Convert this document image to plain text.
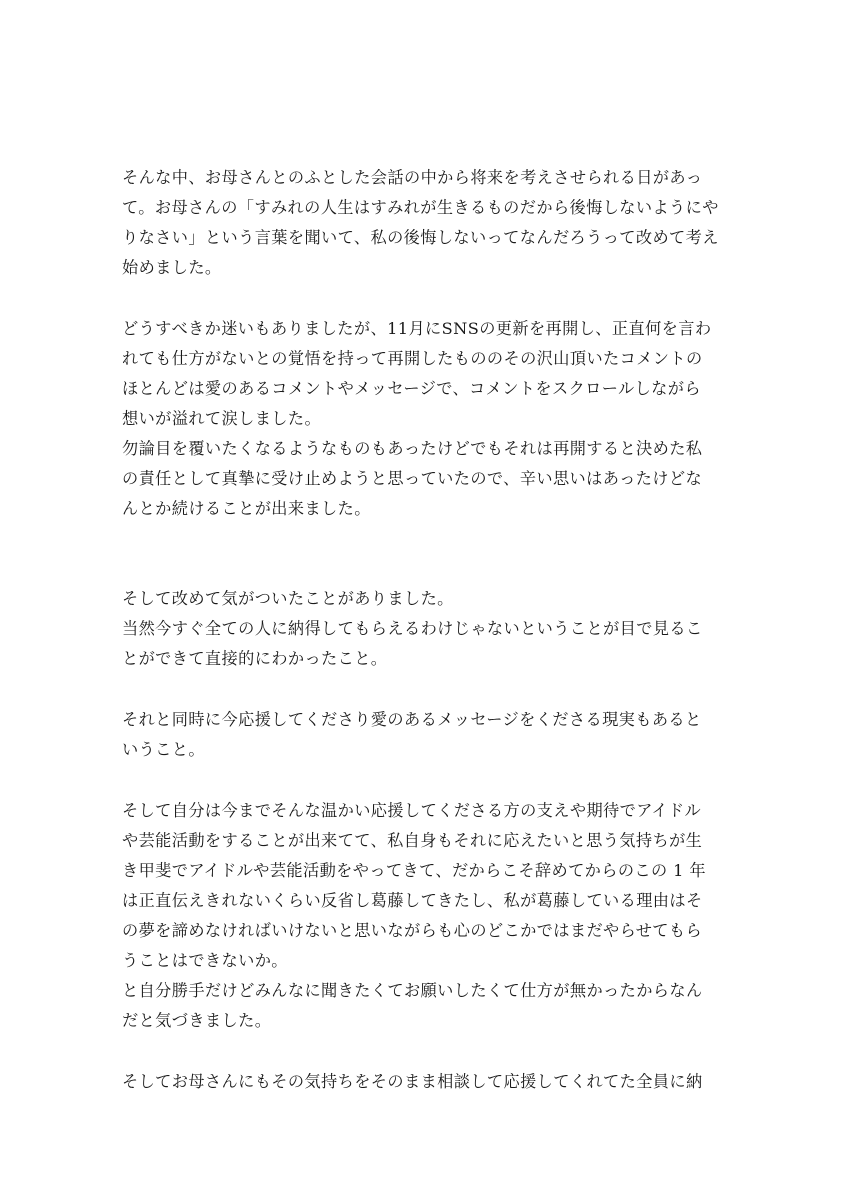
そんな中、お母さんとのふとした会話の中から将来を考えさせられる日があっ
て。お母さんの「すみれの人生はすみれが生きるものだから後悔しないようにや
りなさい」という言葉を聞いて、私の後悔しないってなんだろうって改めて考え
始めました。
どうすべきか迷いもありましたが、11月にSNSの更新を再開し、正直何を言わ
れても仕方がないとの覚悟を持って再開したもののその沢山頂いたコメントの
ほとんどは愛のあるコメントやメッセージで、コメントをスクロールしながら
想いが溢れて涙しました。
勿論目を覆いたくなるようなものもあったけどでもそれは再開すると決めた私
の責任として真摯に受け止めようと思っていたので、辛い思いはあったけどな
んとか続けることが出来ました。
そして改めて気がついたことがありました。
当然今すぐ全ての人に納得してもらえるわけじゃないということが目で見るこ
とができて直接的にわかったこと。
それと同時に今応援してくださり愛のあるメッセージをくださる現実もあると
いうこと。
そして自分は今までそんな温かい応援してくださる方の支えや期待でアイドル
や芸能活動をすることが出来てて、私自身もそれに応えたいと思う気持ちが生
き甲斐でアイドルや芸能活動をやってきて、だからこそ辞めてからのこの 1 年
は正直伝えきれないくらい反省し葛藤してきたし、私が葛藤している理由はそ
の夢を諦めなければいけないと思いながらも心のどこかではまだやらせてもら
うことはできないか。
と自分勝手だけどみんなに聞きたくてお願いしたくて仕方が無かったからなん
だと気づきました。
そしてお母さんにもその気持ちをそのまま相談して応援してくれてた全員に納
